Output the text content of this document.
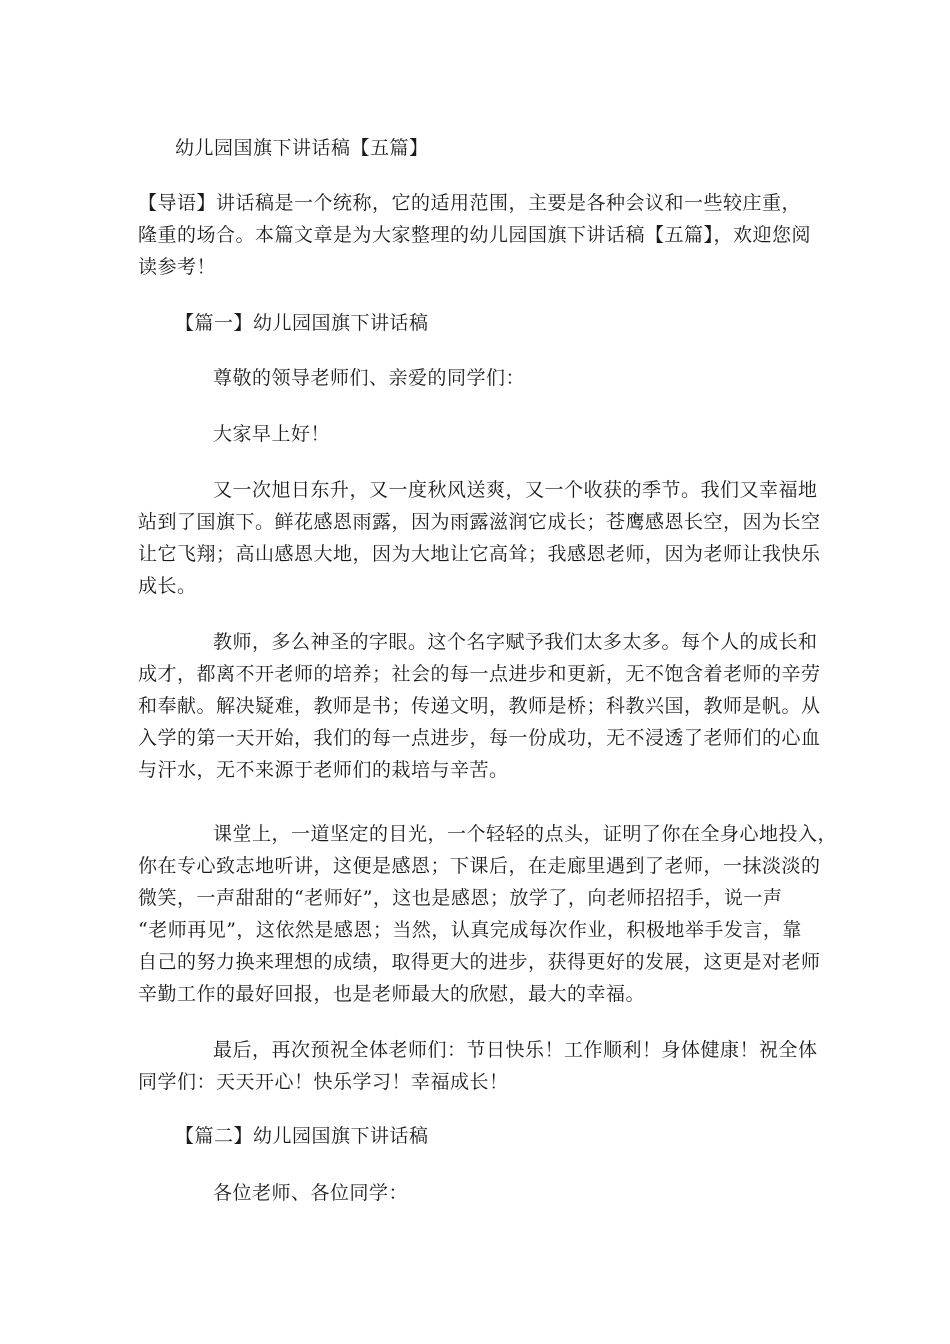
幼儿园国旗下讲话稿【五篇】
【导语】讲话稿是一个统称，它的适用范围，主要是各种会议和一些较庄重，
隆重的场合。本篇文章是为大家整理的幼儿园国旗下讲话稿【五篇】，欢迎您阅
读参考！
【篇一】幼儿园国旗下讲话稿
尊敬的领导老师们、亲爱的同学们：
大家早上好！
又一次旭日东升，又一度秋风送爽，又一个收获的季节。我们又幸福地
站到了国旗下。鲜花感恩雨露，因为雨露滋润它成长；苍鹰感恩长空，因为长空
让它飞翔；高山感恩大地，因为大地让它高耸；我感恩老师，因为老师让我快乐
成长。
教师，多么神圣的字眼。这个名字赋予我们太多太多。每个人的成长和
成才，都离不开老师的培养；社会的每一点进步和更新，无不饱含着老师的辛劳
和奉献。解决疑难，教师是书；传递文明，教师是桥；科教兴国，教师是帆。从
入学的第一天开始，我们的每一点进步，每一份成功，无不浸透了老师们的心血
与汗水，无不来源于老师们的栽培与辛苦。
课堂上，一道坚定的目光，一个轻轻的点头，证明了你在全身心地投入，
你在专心致志地听讲，这便是感恩；下课后，在走廊里遇到了老师，一抹淡淡的
微笑，一声甜甜的“老师好”，这也是感恩；放学了，向老师招招手，说一声
“老师再见”，这依然是感恩；当然，认真完成每次作业，积极地举手发言，靠
自己的努力换来理想的成绩，取得更大的进步，获得更好的发展，这更是对老师
辛勤工作的最好回报，也是老师最大的欣慰，最大的幸福。
最后，再次预祝全体老师们：节日快乐！工作顺利！身体健康！祝全体
同学们：天天开心！快乐学习！幸福成长！
【篇二】幼儿园国旗下讲话稿
各位老师、各位同学：
